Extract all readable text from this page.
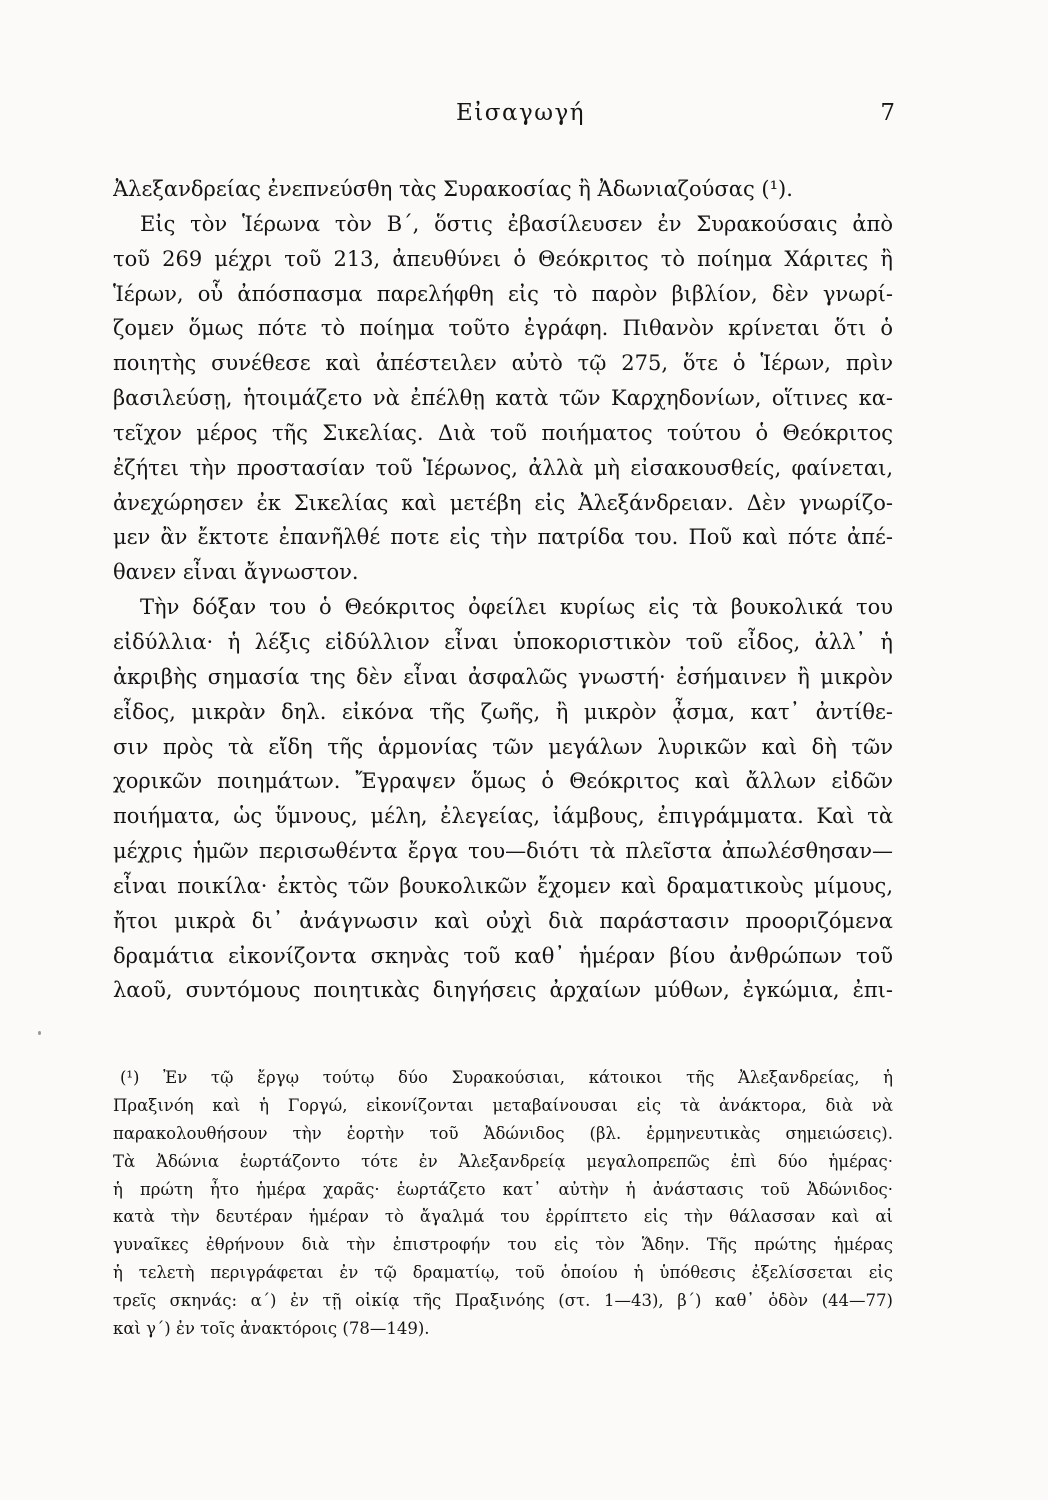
Εἰσαγωγή	7
Ἀλεξανδρείας ἐνεπνεύσθη τὰς Συρακοσίας ἢ Ἀδωνιαζούσας (¹).
Εἰς τὸν Ἱέρωνα τὸν Β΄, ὅστις ἐβασίλευσεν ἐν Συρακούσαις ἀπὸ
τοῦ 269 μέχρι τοῦ 213, ἀπευθύνει ὁ Θεόκριτος τὸ ποίημα Χάριτες ἢ
Ἱέρων, οὗ ἀπόσπασμα παρελήφθη εἰς τὸ παρὸν βιβλίον, δὲν γνωρί-
ζομεν ὅμως πότε τὸ ποίημα τοῦτο ἐγράφη. Πιθανὸν κρίνεται ὅτι ὁ
ποιητὴς συνέθεσε καὶ ἀπέστειλεν αὐτὸ τῷ 275, ὅτε ὁ Ἱέρων, πρὶν
βασιλεύσῃ, ἡτοιμάζετο νὰ ἐπέλθῃ κατὰ τῶν Καρχηδονίων, οἵτινες κα-
τεῖχον μέρος τῆς Σικελίας. Διὰ τοῦ ποιήματος τούτου ὁ Θεόκριτος
ἐζήτει τὴν προστασίαν τοῦ Ἱέρωνος, ἀλλὰ μὴ εἰσακουσθείς, φαίνεται,
ἀνεχώρησεν ἐκ Σικελίας καὶ μετέβη εἰς Ἀλεξάνδρειαν. Δὲν γνωρίζο-
μεν ἂν ἔκτοτε ἐπανῆλθέ ποτε εἰς τὴν πατρίδα του. Ποῦ καὶ πότε ἀπέ-
θανεν εἶναι ἄγνωστον.
Τὴν δόξαν του ὁ Θεόκριτος ὀφείλει κυρίως εἰς τὰ βουκολικά του
εἰδύλλια· ἡ λέξις εἰδύλλιον εἶναι ὑποκοριστικὸν τοῦ εἶδος, ἀλλ᾽ ἡ
ἀκριβὴς σημασία της δὲν εἶναι ἀσφαλῶς γνωστή· ἐσήμαινεν ἢ μικρὸν
εἶδος, μικρὰν δηλ. εἰκόνα τῆς ζωῆς, ἢ μικρὸν ᾆσμα, κατ᾽ ἀντίθε-
σιν πρὸς τὰ εἴδη τῆς ἁρμονίας τῶν μεγάλων λυρικῶν καὶ δὴ τῶν
χορικῶν ποιημάτων. Ἔγραψεν ὅμως ὁ Θεόκριτος καὶ ἄλλων εἰδῶν
ποιήματα, ὡς ὕμνους, μέλη, ἐλεγείας, ἰάμβους, ἐπιγράμματα. Καὶ τὰ
μέχρις ἡμῶν περισωθέντα ἔργα του—διότι τὰ πλεῖστα ἀπωλέσθησαν—
εἶναι ποικίλα· ἐκτὸς τῶν βουκολικῶν ἔχομεν καὶ δραματικοὺς μίμους,
ἤτοι μικρὰ δι᾽ ἀνάγνωσιν καὶ οὐχὶ διὰ παράστασιν προοριζόμενα
δραμάτια εἰκονίζοντα σκηνὰς τοῦ καθ᾽ ἡμέραν βίου ἀνθρώπων τοῦ
λαοῦ, συντόμους ποιητικὰς διηγήσεις ἀρχαίων μύθων, ἐγκώμια, ἐπι-
(¹) Ἐν τῷ ἔργῳ τούτῳ δύο Συρακούσιαι, κάτοικοι τῆς Ἀλεξανδρείας, ἡ
Πραξινόη καὶ ἡ Γοργώ, εἰκονίζονται μεταβαίνουσαι εἰς τὰ ἀνάκτορα, διὰ νὰ
παρακολουθήσουν τὴν ἑορτὴν τοῦ Ἀδώνιδος (βλ. ἑρμηνευτικὰς σημειώσεις).
Τὰ Ἀδώνια ἑωρτάζοντο τότε ἐν Ἀλεξανδρείᾳ μεγαλοπρεπῶς ἐπὶ δύο ἡμέρας·
ἡ πρώτη ἦτο ἡμέρα χαρᾶς· ἑωρτάζετο κατ᾽ αὐτὴν ἡ ἀνάστασις τοῦ Ἀδώνιδος·
κατὰ τὴν δευτέραν ἡμέραν τὸ ἄγαλμά του ἐρρίπτετο εἰς τὴν θάλασσαν καὶ αἱ
γυναῖκες ἐθρήνουν διὰ τὴν ἐπιστροφήν του εἰς τὸν Ἅδην. Τῆς πρώτης ἡμέρας
ἡ τελετὴ περιγράφεται ἐν τῷ δραματίῳ, τοῦ ὁποίου ἡ ὑπόθεσις ἐξελίσσεται εἰς
τρεῖς σκηνάς: α΄) ἐν τῇ οἰκίᾳ τῆς Πραξινόης (στ. 1—43), β΄) καθ᾽ ὁδὸν (44—77)
καὶ γ΄) ἐν τοῖς ἀνακτόροις (78—149).
